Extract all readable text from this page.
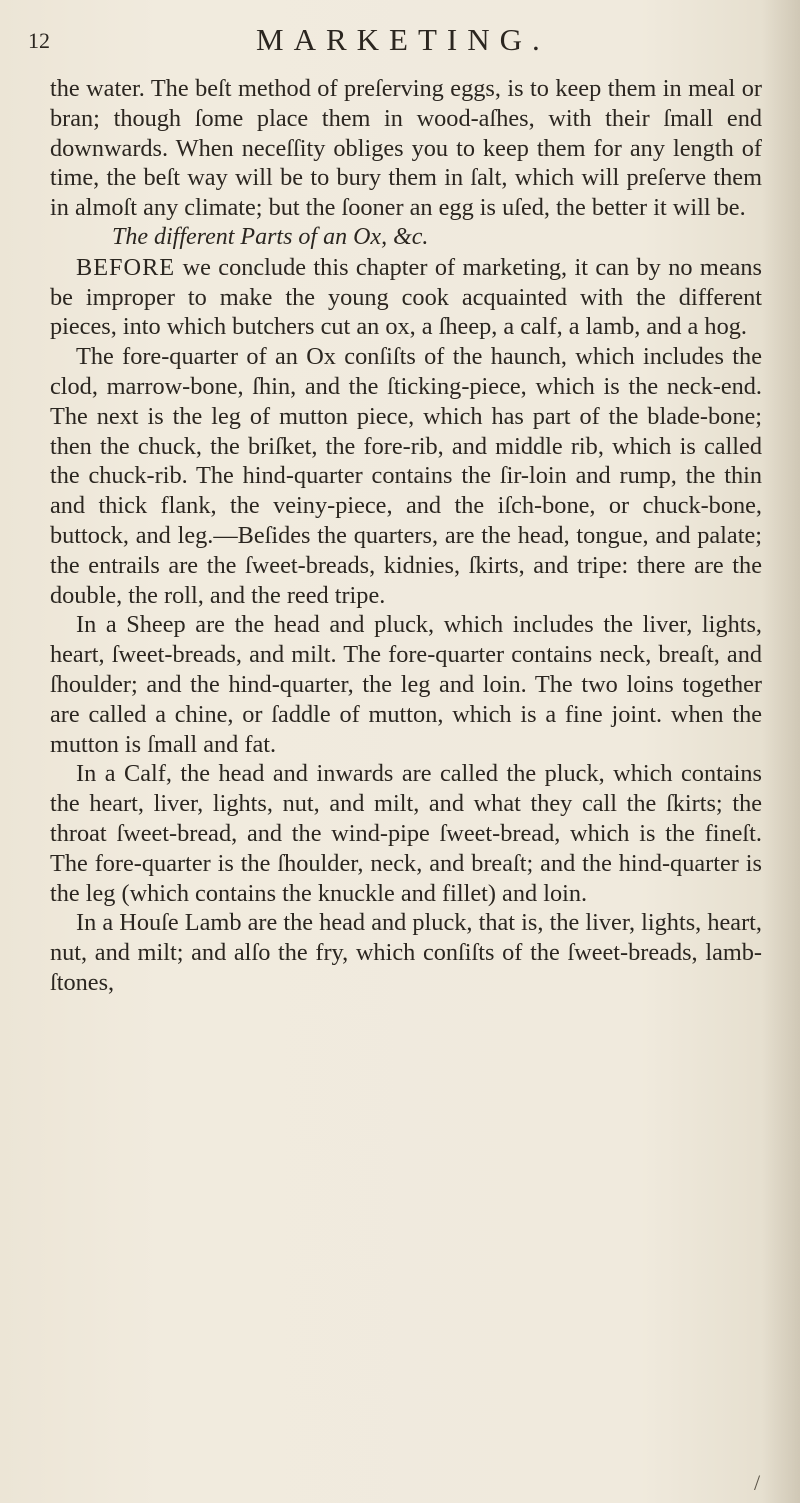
12	MARKETING.

the water. The beſt method of preſerving eggs, is to keep them in meal or bran; though ſome place them in wood-aſhes, with their ſmall end downwards. When neceſſity obliges you to keep them for any length of time, the beſt way will be to bury them in ſalt, which will preſerve them in almoſt any climate; but the ſooner an egg is uſed, the better it will be.

The different Parts of an Ox, &c.

BEFORE we conclude this chapter of marketing, it can by no means be improper to make the young cook acquainted with the different pieces, into which butchers cut an ox, a ſheep, a calf, a lamb, and a hog.

The fore-quarter of an Ox conſiſts of the haunch, which includes the clod, marrow-bone, ſhin, and the ſticking-piece, which is the neck-end. The next is the leg of mutton piece, which has part of the blade-bone; then the chuck, the briſket, the fore-rib, and middle rib, which is called the chuck-rib. The hind-quarter contains the ſir-loin and rump, the thin and thick flank, the veiny-piece, and the iſch-bone, or chuck-bone, buttock, and leg.—Beſides the quarters, are the head, tongue, and palate; the entrails are the ſweet-breads, kidnies, ſkirts, and tripe: there are the double, the roll, and the reed tripe.

In a Sheep are the head and pluck, which includes the liver, lights, heart, ſweet-breads, and milt. The fore-quarter contains neck, breaſt, and ſhoulder; and the hind-quarter, the leg and loin. The two loins together are called a chine, or ſaddle of mutton, which is a fine joint. when the mutton is ſmall and fat.

In a Calf, the head and inwards are called the pluck, which contains the heart, liver, lights, nut, and milt, and what they call the ſkirts; the throat ſweet-bread, and the wind-pipe ſweet-bread, which is the fineſt. The fore-quarter is the ſhoulder, neck, and breaſt; and the hind-quarter is the leg (which contains the knuckle and fillet) and loin.

In a Houſe Lamb are the head and pluck, that is, the liver, lights, heart, nut, and milt; and alſo the fry, which conſiſts of the ſweet-breads, lamb-ſtones,

/
